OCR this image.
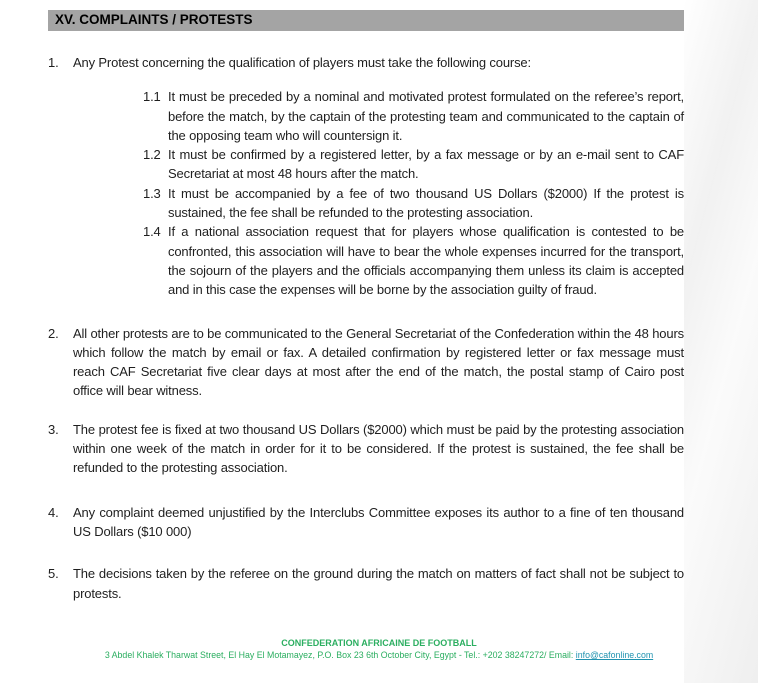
XV. COMPLAINTS / PROTESTS
1.	Any Protest concerning the qualification of players must take the following course:

1.1 It must be preceded by a nominal and motivated protest formulated on the referee’s report, before the match, by the captain of the protesting team and communicated to the captain of the opposing team who will countersign it.

1.2 It must be confirmed by a registered letter, by a fax message or by an e-mail sent to CAF Secretariat at most 48 hours after the match.

1.3 It must be accompanied by a fee of two thousand US Dollars ($2000) If the protest is sustained, the fee shall be refunded to the protesting association.

1.4 If a national association request that for players whose qualification is contested to be confronted, this association will have to bear the whole expenses incurred for the transport, the sojourn of the players and the officials accompanying them unless its claim is accepted and in this case the expenses will be borne by the association guilty of fraud.

2.	All other protests are to be communicated to the General Secretariat of the Confederation within the 48 hours which follow the match by email or fax. A detailed confirmation by registered letter or fax message must reach CAF Secretariat five clear days at most after the end of the match, the postal stamp of Cairo post office will bear witness.

3.	The protest fee is fixed at two thousand US Dollars ($2000) which must be paid by the protesting association within one week of the match in order for it to be considered. If the protest is sustained, the fee shall be refunded to the protesting association.

4.	Any complaint deemed unjustified by the Interclubs Committee exposes its author to a fine of ten thousand US Dollars ($10 000)

5.	The decisions taken by the referee on the ground during the match on matters of fact shall not be subject to protests.

CONFEDERATION AFRICAINE DE FOOTBALL
3 Abdel Khalek Tharwat Street, El Hay El Motamayez, P.O. Box 23 6th October City, Egypt - Tel.: +202 38247272/ Email: info@cafonline.com
